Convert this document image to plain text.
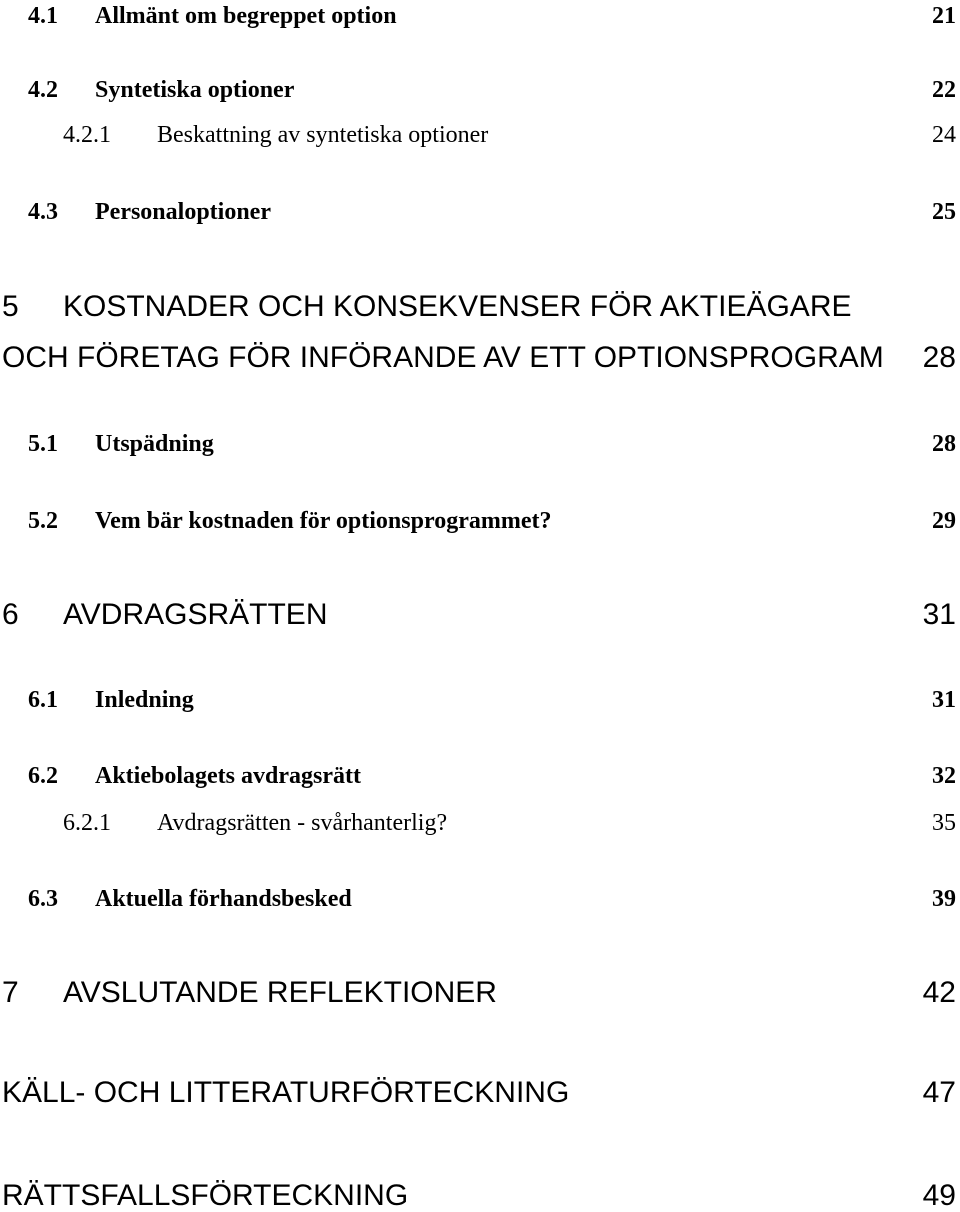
4.1 Allmänt om begreppet option	21
4.2 Syntetiska optioner	22
4.2.1 Beskattning av syntetiska optioner	24
4.3 Personaloptioner	25
5 KOSTNADER OCH KONSEKVENSER FÖR AKTIEÄGARE
OCH FÖRETAG FÖR INFÖRANDE AV ETT OPTIONSPROGRAM 28
5.1 Utspädning	28
5.2 Vem bär kostnaden för optionsprogrammet?	29
6 AVDRAGSRÄTTEN	31
6.1 Inledning	31
6.2 Aktiebolagets avdragsrätt	32
6.2.1 Avdragsrätten - svårhanterlig?	35
6.3 Aktuella förhandsbesked	39
7 AVSLUTANDE REFLEKTIONER	42
KÄLL- OCH LITTERATURFÖRTECKNING	47
RÄTTSFALLSFÖRTECKNING	49
